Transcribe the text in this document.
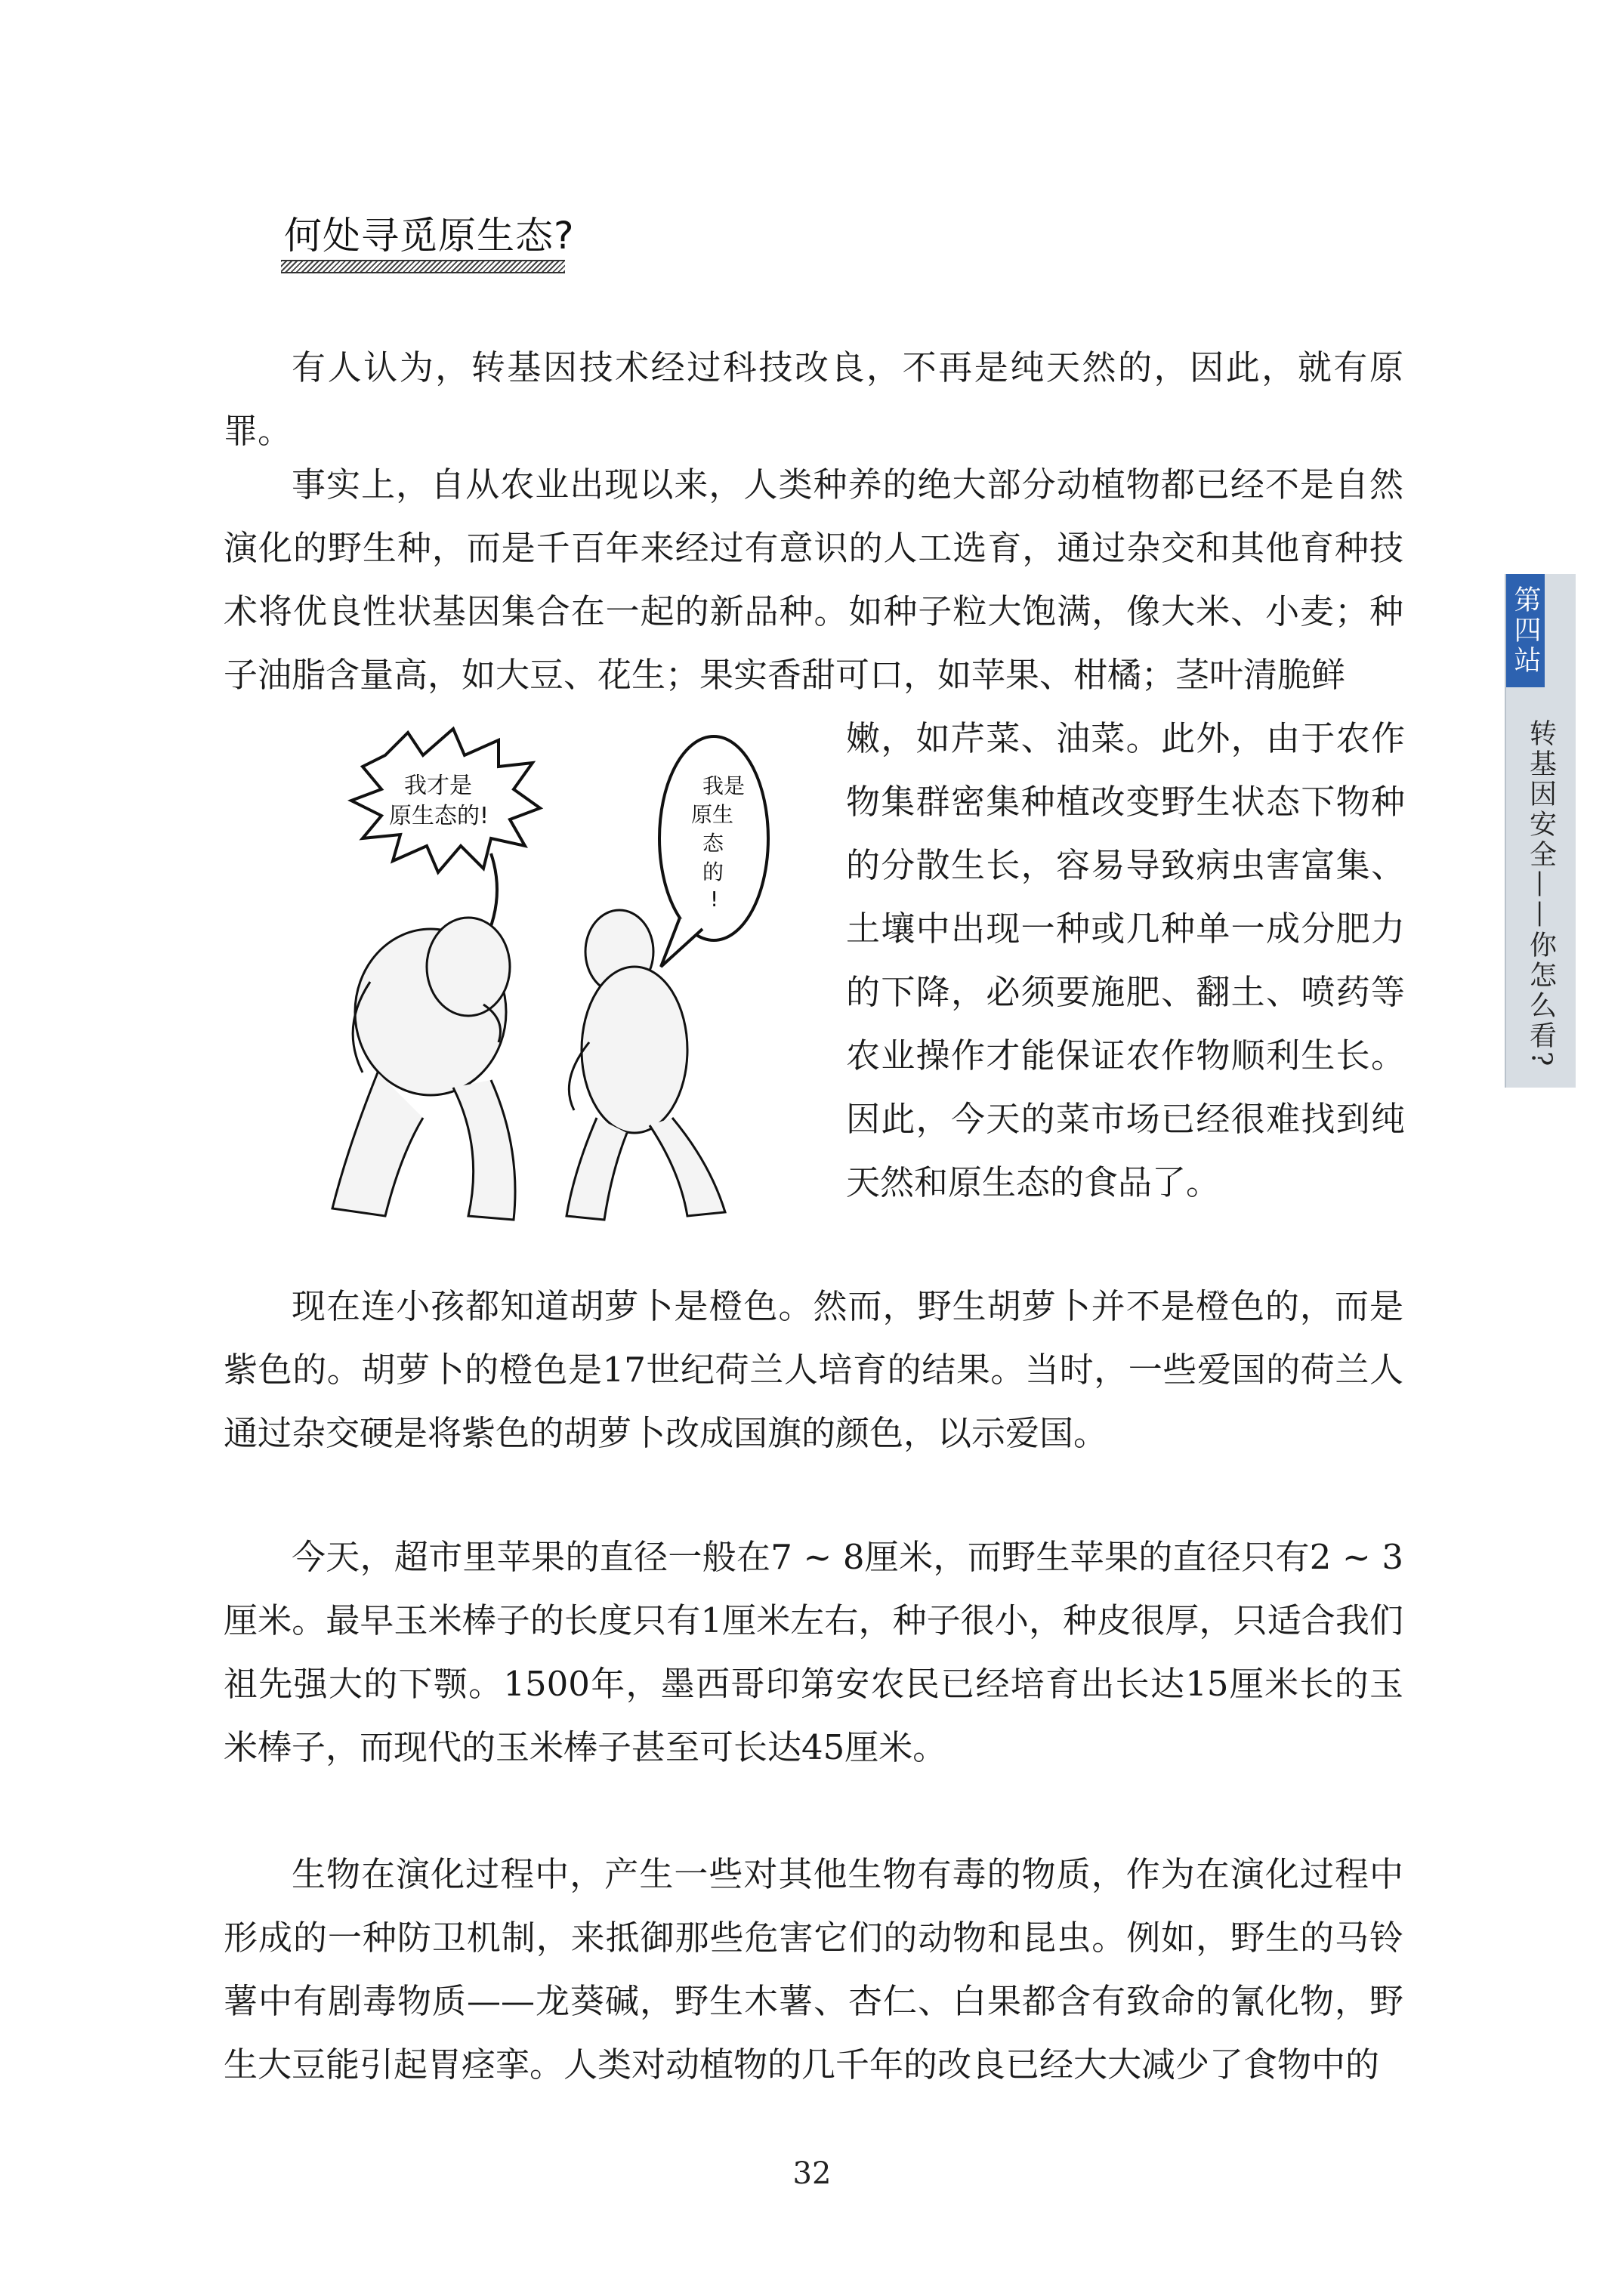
何处寻觅原生态?
第四站
转基因安全——你怎么看?
有人认为，转基因技术经过科技改良，不再是纯天然的，因此，就有原罪。
事实上，自从农业出现以来，人类种养的绝大部分动植物都已经不是自然演化的野生种，而是千百年来经过有意识的人工选育，通过杂交和其他育种技术将优良性状基因集合在一起的新品种。如种子粒大饱满，像大米、小麦；种子油脂含量高，如大豆、花生；果实香甜可口，如苹果、柑橘；茎叶清脆鲜
嫩，如芹菜、油菜。此外，由于农作物集群密集种植改变野生状态下物种的分散生长，容易导致病虫害富集、土壤中出现一种或几种单一成分肥力的下降，必须要施肥、翻土、喷药等农业操作才能保证农作物顺利生长。因此，今天的菜市场已经很难找到纯天然和原生态的食品了。
我才是
原生态的!
我是
原生
态
的
!
现在连小孩都知道胡萝卜是橙色。然而，野生胡萝卜并不是橙色的，而是紫色的。胡萝卜的橙色是17世纪荷兰人培育的结果。当时，一些爱国的荷兰人通过杂交硬是将紫色的胡萝卜改成国旗的颜色，以示爱国。
今天，超市里苹果的直径一般在7 ~ 8厘米，而野生苹果的直径只有2 ~ 3厘米。最早玉米棒子的长度只有1厘米左右，种子很小，种皮很厚，只适合我们祖先强大的下颚。1500年，墨西哥印第安农民已经培育出长达15厘米长的玉米棒子，而现代的玉米棒子甚至可长达45厘米。
生物在演化过程中，产生一些对其他生物有毒的物质，作为在演化过程中形成的一种防卫机制，来抵御那些危害它们的动物和昆虫。例如，野生的马铃薯中有剧毒物质——龙葵碱，野生木薯、杏仁、白果都含有致命的氰化物，野生大豆能引起胃痉挛。人类对动植物的几千年的改良已经大大减少了食物中的
32
